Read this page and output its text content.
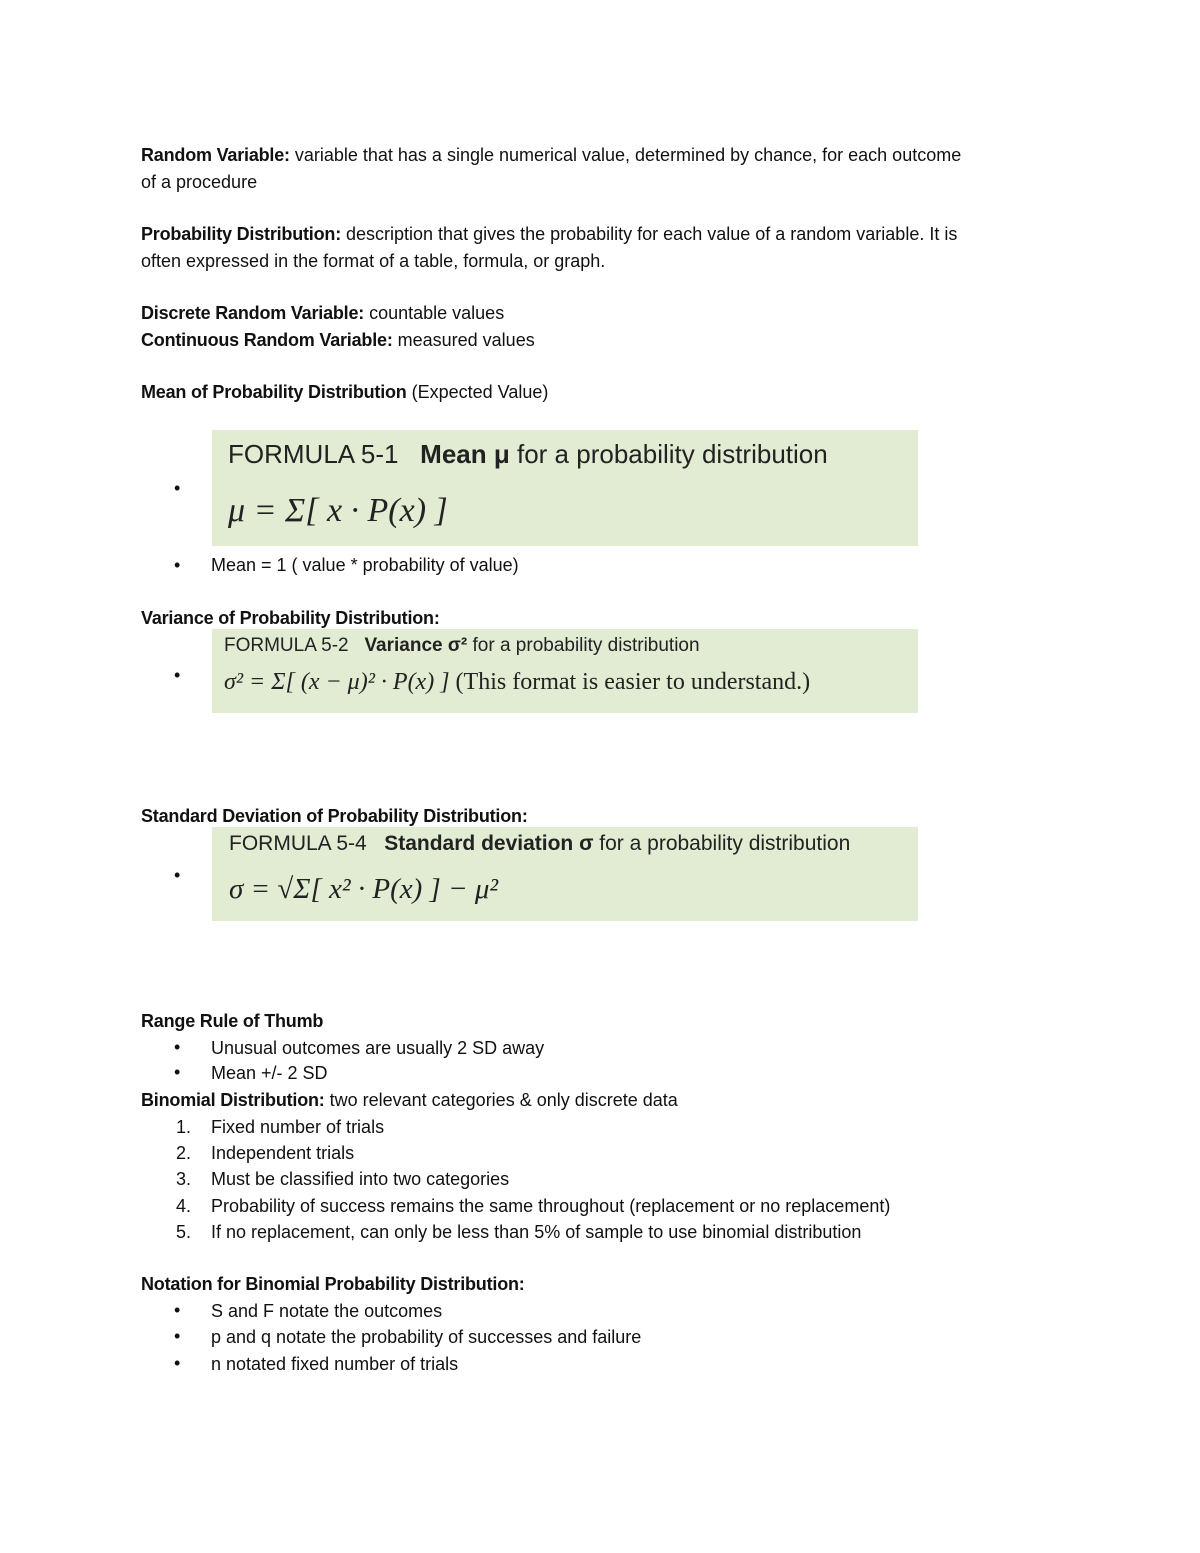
Random Variable: variable that has a single numerical value, determined by chance, for each outcome
of a procedure
Probability Distribution: description that gives the probability for each value of a random variable. It is
often expressed in the format of a table, formula, or graph.
Discrete Random Variable: countable values
Continuous Random Variable: measured values
Mean of Probability Distribution (Expected Value)
•
FORMULA 5-1 Mean μ for a probability distribution
μ = Σ[ x · P(x) ]
• Mean = 1 ( value * probability of value)
Variance of Probability Distribution:
•
FORMULA 5-2 Variance σ² for a probability distribution
σ² = Σ[ (x − μ)² · P(x) ] (This format is easier to understand.)
Standard Deviation of Probability Distribution:
•
FORMULA 5-4 Standard deviation σ for a probability distribution
σ = √Σ[ x² · P(x) ] − μ²
Range Rule of Thumb
• Unusual outcomes are usually 2 SD away
• Mean +/- 2 SD
Binomial Distribution: two relevant categories & only discrete data
1. Fixed number of trials
2. Independent trials
3. Must be classified into two categories
4. Probability of success remains the same throughout (replacement or no replacement)
5. If no replacement, can only be less than 5% of sample to use binomial distribution
Notation for Binomial Probability Distribution:
• S and F notate the outcomes
• p and q notate the probability of successes and failure
• n notated fixed number of trials
